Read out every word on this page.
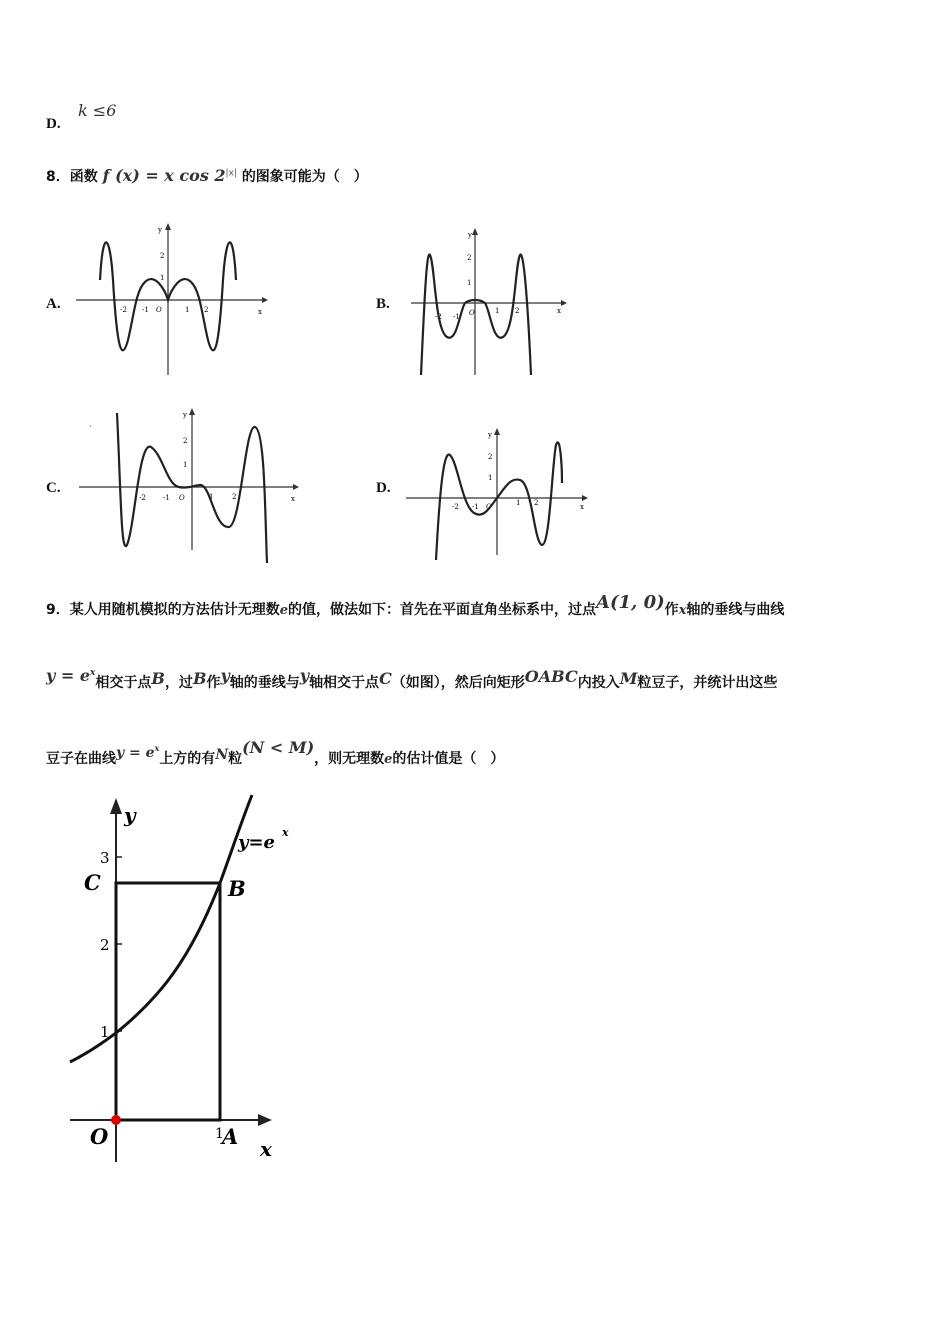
D.
k ≤6
8．函数 f (x) = x $\cos 2^{|x|}$ 的图象可能为（　）
A.	B.
C.	D.
x
y
2
1
-2 -1 O	1 2	x
y
2
1
-2 -1 O	1 2
x
y
2
1
-2 -1 O	1	2
·
x
y
2
1
-2 -1 O	1 2
9．某人用随机模拟的方法估计无理数e的值，做法如下：首先在平面直角坐标系中，过点A(1, 0)作x轴的垂线与曲线
$y = e^x$相交于点B，过B作y轴的垂线与y轴相交于点C（如图），然后向矩形OABC内投入M粒豆子，并统计出这些
豆子在曲线$y = e^x$上方的有N粒(N < M)，则无理数e的估计值是（　）
y
x
y=e x
3
2
1
1
C	B
O	A
